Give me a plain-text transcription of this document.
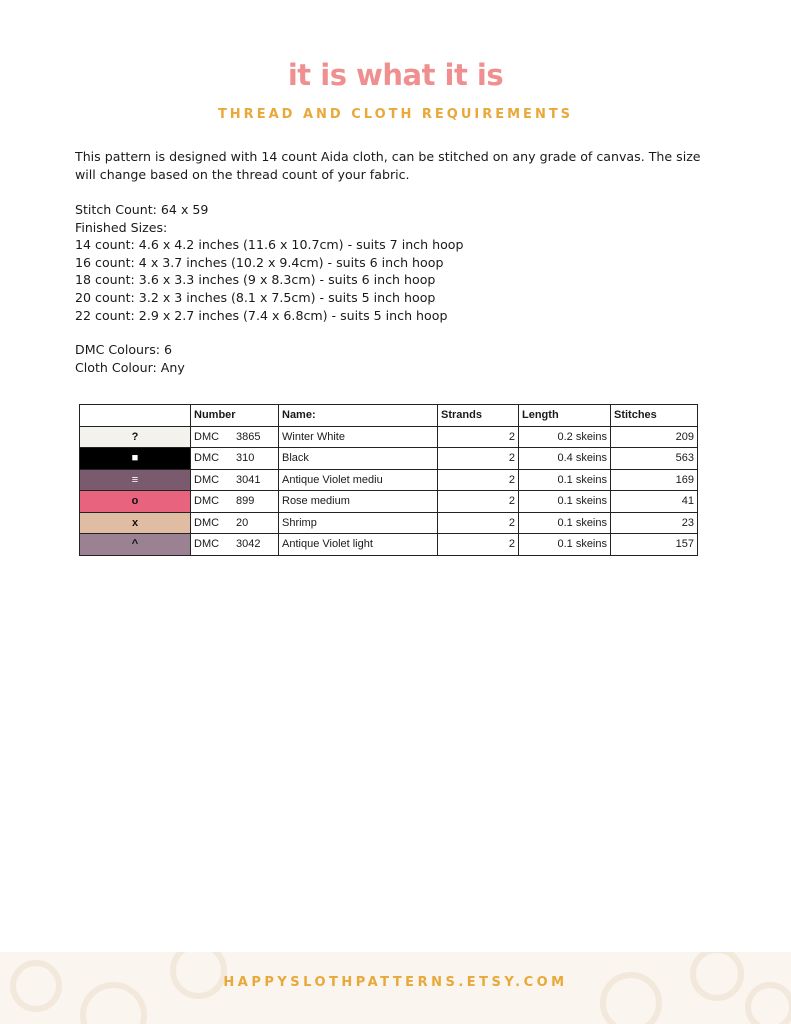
it is what it is
THREAD AND CLOTH REQUIREMENTS
This pattern is designed with 14 count Aida cloth, can be stitched on any grade of canvas. The size will change based on the thread count of your fabric.
Stitch Count: 64 x 59
Finished Sizes:
14 count: 4.6 x 4.2 inches (11.6 x 10.7cm) - suits 7 inch hoop
16 count: 4 x 3.7 inches (10.2 x 9.4cm) - suits 6 inch hoop
18 count: 3.6 x 3.3 inches (9 x 8.3cm) - suits 6 inch hoop
20 count: 3.2 x 3 inches (8.1 x 7.5cm) - suits 5 inch hoop
22 count: 2.9 x 2.7 inches (7.4 x 6.8cm) - suits 5 inch hoop
DMC Colours: 6
Cloth Colour: Any
	Number	Name:	Strands	Length	Stitches
?	DMC 3865	Winter White	2	0.2 skeins	209
■	DMC 310	Black	2	0.4 skeins	563
≡	DMC 3041	Antique Violet mediu	2	0.1 skeins	169
o	DMC 899	Rose medium	2	0.1 skeins	41
x	DMC 20	Shrimp	2	0.1 skeins	23
^	DMC 3042	Antique Violet light	2	0.1 skeins	157
HAPPYSLOTHPATTERNS.ETSY.COM
